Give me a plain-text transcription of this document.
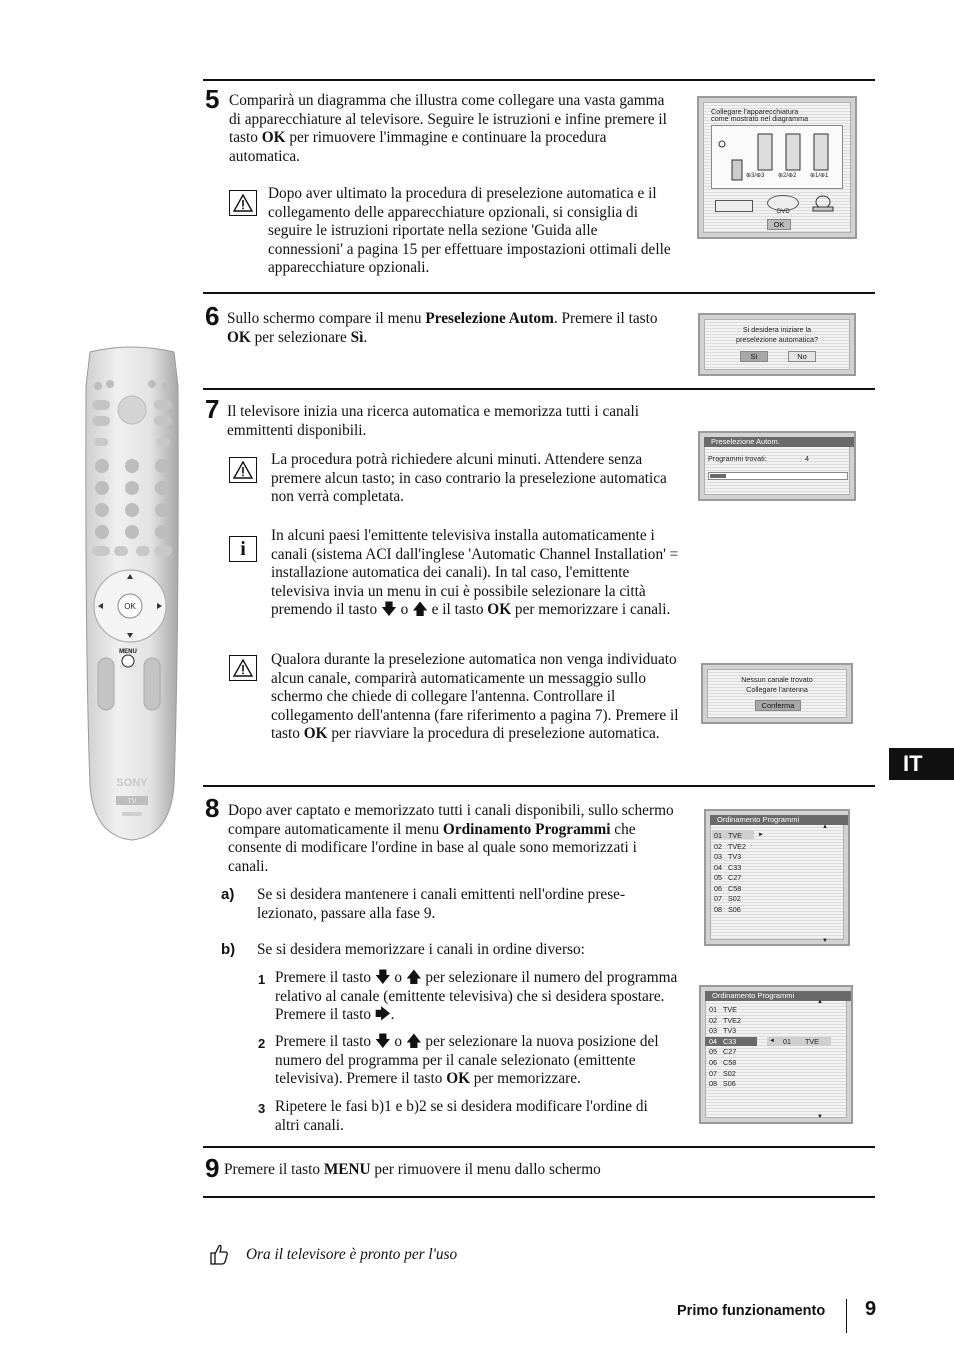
OK
MENU
SONY
TV
5 Comparirà un diagramma che illustra come collegare una vasta gamma di apparecchiature al televisore. Seguire le istruzioni e infine premere il tasto OK per rimuovere l'immagine e continuare la procedura automatica.
Dopo aver ultimato la procedura di preselezione automatica e il collegamento delle apparecchiature opzionali, si consiglia di seguire le istruzioni riportate nella sezione 'Guida alle connessioni' a pagina 15 per effettuare impostazioni ottimali delle apparecchiature opzionali.
Collegare l'apparecchiatura
come mostrato nel diagramma
⊕3/⊕3 ⊕2/⊕2 ⊕1/⊕1
DVD
OK
6 Sullo schermo compare il menu Preselezione Autom. Premere il tasto OK per selezionare Sì.	Si desidera iniziare la
preselezione automatica?
Sì	No
7 Il televisore inizia una ricerca automatica e memorizza tutti i canali emmittenti disponibili.
La procedura potrà richiedere alcuni minuti. Attendere senza premere alcun tasto; in caso contrario la preselezione automatica non verrà completata.
i
In alcuni paesi l'emittente televisiva installa automaticamente i canali (sistema ACI dall'inglese 'Automatic Channel Installation' = installazione automatica dei canali). In tal caso, l'emittente televisiva invia un menu in cui è possibile selezionare la città premendo il tasto 🡇 o 🡅 e il tasto OK per memorizzare i canali.
Qualora durante la preselezione automatica non venga individuato alcun canale, comparirà automaticamente un messaggio sullo schermo che chiede di collegare l'antenna. Controllare il collegamento dell'antenna (fare riferimento a pagina 7). Premere il tasto OK per riavviare la procedura di preselezione automatica.
Preselezione Autom.
Programmi trovati:	4
Nessun canale trovato
Collegare l'antenna
Conferma
8 Dopo aver captato e memorizzato tutti i canali disponibili, sullo schermo compare automaticamente il menu Ordinamento Programmi che consente di modificare l'ordine in base al quale sono memorizzati i canali.
a) Se si desidera mantenere i canali emittenti nell'ordine prese-lezionato, passare alla fase 9.
b) Se si desidera memorizzare i canali in ordine diverso:
1 Premere il tasto 🡇 o 🡅 per selezionare il numero del programma relativo al canale (emittente televisiva) che si desidera spostare. Premere il tasto 🡆.
2 Premere il tasto 🡇 o 🡅 per selezionare la nuova posizione del numero del programma per il canale selezionato (emittente televisiva). Premere il tasto OK per memorizzare.
3 Ripetere le fasi b)1 e b)2 se si desidera modificare l'ordine di altri canali.
Ordinamento Programmi
▲
►
01 TVE
02 TVE2
03 TV3
04 C33
05 C27
06 C58
07 S02
08 S06
▼
Ordinamento Programmi
▲
◄ 01 TVE
01 TVE
02 TVE2
03 TV3
04 C33
05 C27
06 C58
07 S02
08 S06
▼
9 Premere il tasto MENU per rimuovere il menu dallo schermo
Ora il televisore è pronto per l'uso
IT
Primo funzionamento 9
